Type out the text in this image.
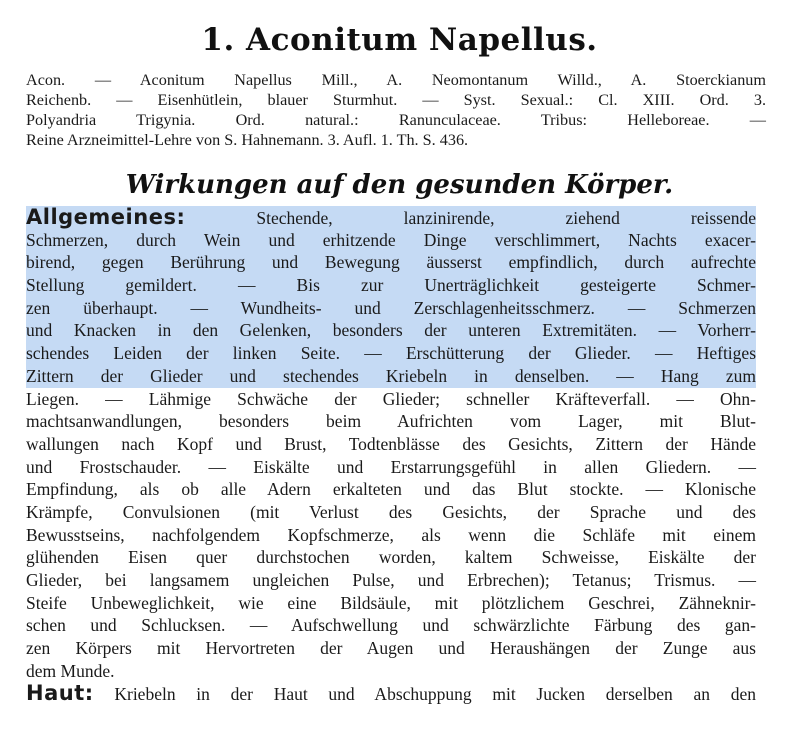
1. Aconitum Napellus.
Acon. — Aconitum Napellus Mill., A. Neomontanum Willd., A. Stoerckianum
Reichenb. — Eisenhütlein, blauer Sturmhut. — Syst. Sexual.: Cl. XIII. Ord. 3.
Polyandria Trigynia. Ord. natural.: Ranunculaceae. Tribus: Helleboreae. —
Reine Arzneimittel-Lehre von S. Hahnemann. 3. Aufl. 1. Th. S. 436.
Wirkungen auf den gesunden Körper.
Allgemeines:	Stechende, lanzinirende, ziehend reissende
Schmerzen, durch Wein und erhitzende Dinge verschlimmert, Nachts exacer-
birend, gegen Berührung und Bewegung äusserst empfindlich, durch aufrechte
Stellung gemildert. — Bis zur Unerträglichkeit gesteigerte Schmer-
zen überhaupt. — Wundheits- und Zerschlagenheitsschmerz. — Schmerzen
und Knacken in den Gelenken, besonders der unteren Extremitäten. — Vorherr-
schendes Leiden der linken Seite. — Erschütterung der Glieder. — Heftiges
Zittern der Glieder und stechendes Kriebeln in denselben. — Hang zum
Liegen. — Lähmige Schwäche der Glieder; schneller Kräfteverfall. — Ohn-
machtsanwandlungen, besonders beim Aufrichten vom Lager, mit Blut-
wallungen nach Kopf und Brust, Todtenblässe des Gesichts, Zittern der Hände
und Frostschauder. — Eiskälte und Erstarrungsgefühl in allen Gliedern. —
Empfindung, als ob alle Adern erkalteten und das Blut stockte. — Klonische
Krämpfe, Convulsionen (mit Verlust des Gesichts, der Sprache und des
Bewusstseins, nachfolgendem Kopfschmerze, als wenn die Schläfe mit einem
glühenden Eisen quer durchstochen worden, kaltem Schweisse, Eiskälte der
Glieder, bei langsamem ungleichen Pulse, und Erbrechen); Tetanus; Trismus. —
Steife Unbeweglichkeit, wie eine Bildsäule, mit plötzlichem Geschrei, Zähneknir-
schen und Schlucksen. — Aufschwellung und schwärzlichte Färbung des gan-
zen Körpers mit Hervortreten der Augen und Heraushängen der Zunge aus
dem Munde.
Haut: Kriebeln in der Haut und Abschuppung mit Jucken derselben an den
